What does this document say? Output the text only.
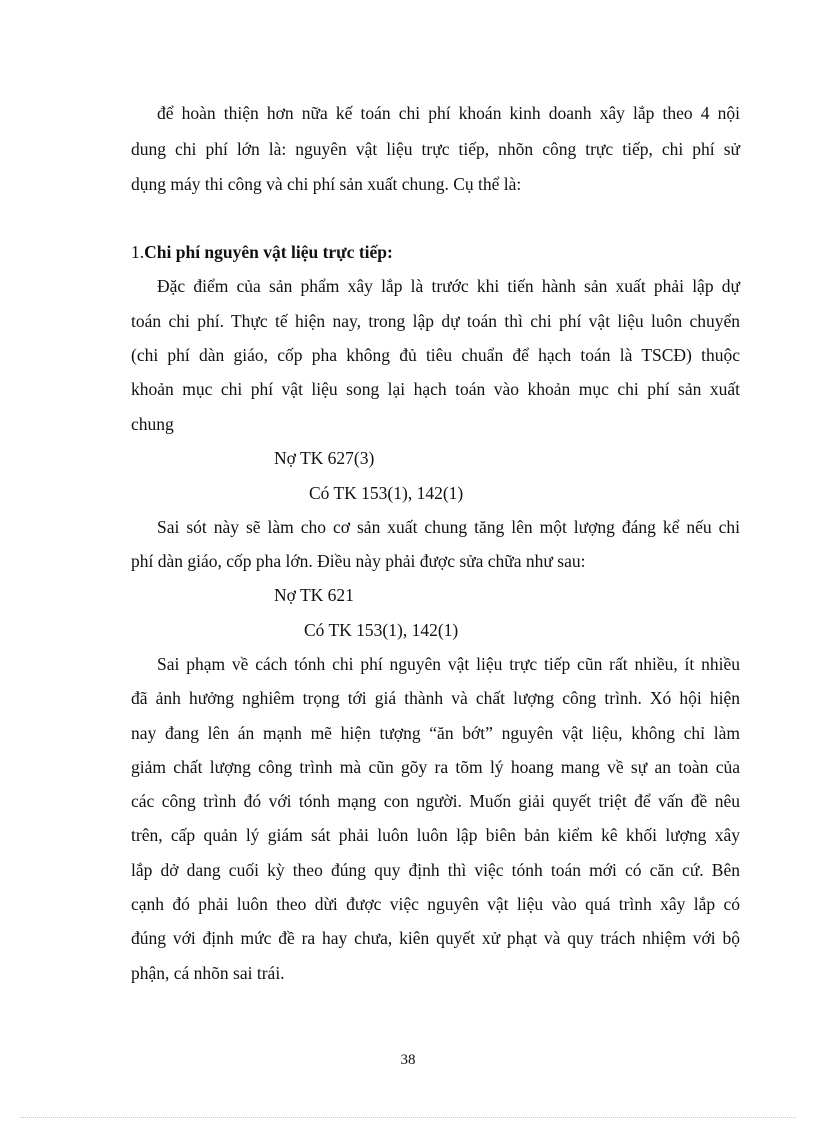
để hoàn thiện hơn nữa kế toán chi phí khoán kinh doanh xây lắp theo 4 nội
dung chi phí lớn là: nguyên vật liệu trực tiếp, nhõn công trực tiếp, chi phí sử
dụng máy thi công và chi phí sản xuất chung. Cụ thể là:
1.Chi phí nguyên vật liệu trực tiếp:
Đặc điểm của sản phẩm xây lắp là trước khi tiến hành sản xuất phải lập dự
toán chi phí. Thực tế hiện nay, trong lập dự toán thì chi phí vật liệu luôn chuyển
(chi phí dàn giáo, cốp pha không đủ tiêu chuẩn để hạch toán là TSCĐ) thuộc
khoản mục chi phí vật liệu song lại hạch toán vào khoản mục chi phí sản xuất
chung
Nợ TK 627(3)
Có TK 153(1), 142(1)
Sai sót này sẽ làm cho cơ sản xuất chung tăng lên một lượng đáng kể nếu chi
phí dàn giáo, cốp pha lớn. Điều này phải được sửa chữa như sau:
Nợ TK 621
Có TK 153(1), 142(1)
Sai phạm về cách tónh chi phí nguyên vật liệu trực tiếp cũn rất nhiều, ít nhiều
đã ảnh hưởng nghiêm trọng tới giá thành và chất lượng công trình. Xó hội hiện
nay đang lên án mạnh mẽ hiện tượng “ăn bớt” nguyên vật liệu, không chỉ làm
giảm chất lượng công trình mà cũn gõy ra tõm lý hoang mang về sự an toàn của
các công trình đó với tónh mạng con người. Muốn giải quyết triệt để vấn đề nêu
trên, cấp quản lý giám sát phải luôn luôn lập biên bản kiểm kê khối lượng xây
lắp dở dang cuối kỳ theo đúng quy định thì việc tónh toán mới có căn cứ. Bên
cạnh đó phải luôn theo dừi được việc nguyên vật liệu vào quá trình xây lắp có
đúng với định mức đề ra hay chưa, kiên quyết xử phạt và quy trách nhiệm với bộ
phận, cá nhõn sai trái.
38
